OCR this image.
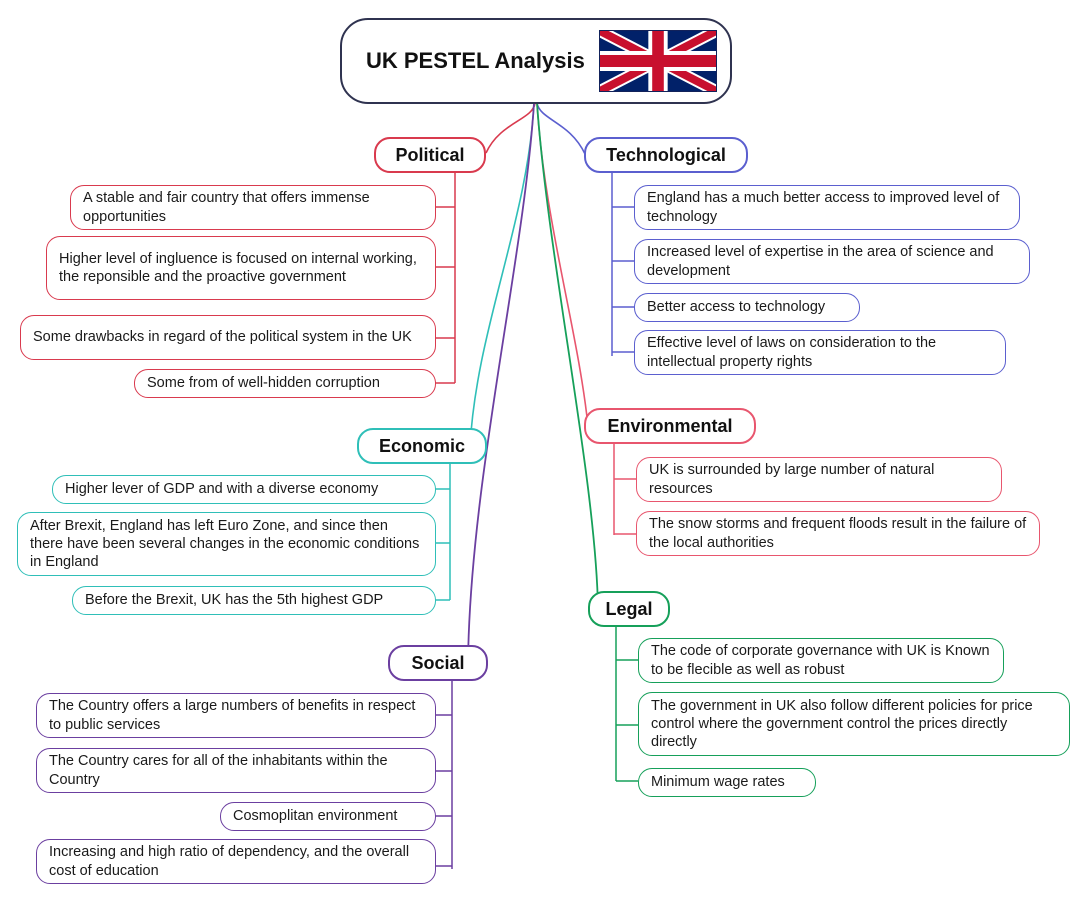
UK PESTEL Analysis
Political
A stable and fair country that offers immense opportunities
Higher level of ingluence is focused on internal working, the reponsible and the proactive government
Some drawbacks in regard of the political system in the UK
Some from of well-hidden corruption
Technological
England has a much better access to improved level of technology
Increased level of expertise in the area of science and development
Better access to technology
Effective level of laws on consideration to the intellectual property rights
Economic
Higher lever of GDP and with a diverse economy
After Brexit, England has left Euro Zone, and since then there have been several changes in the economic conditions in England
Before the Brexit, UK has the 5th highest GDP
Environmental
UK is surrounded by large number of natural resources
The snow storms and frequent floods result in the failure of the local authorities
Social
The Country offers a large numbers of benefits in respect to public services
The Country cares for all of the inhabitants within the Country
Cosmoplitan environment
Increasing and high ratio of dependency, and the overall cost of education
Legal
The code of corporate governance with UK is Known to be flecible as well as robust
The government in UK also follow different policies for price control where the government control the prices directly directly
Minimum wage rates
